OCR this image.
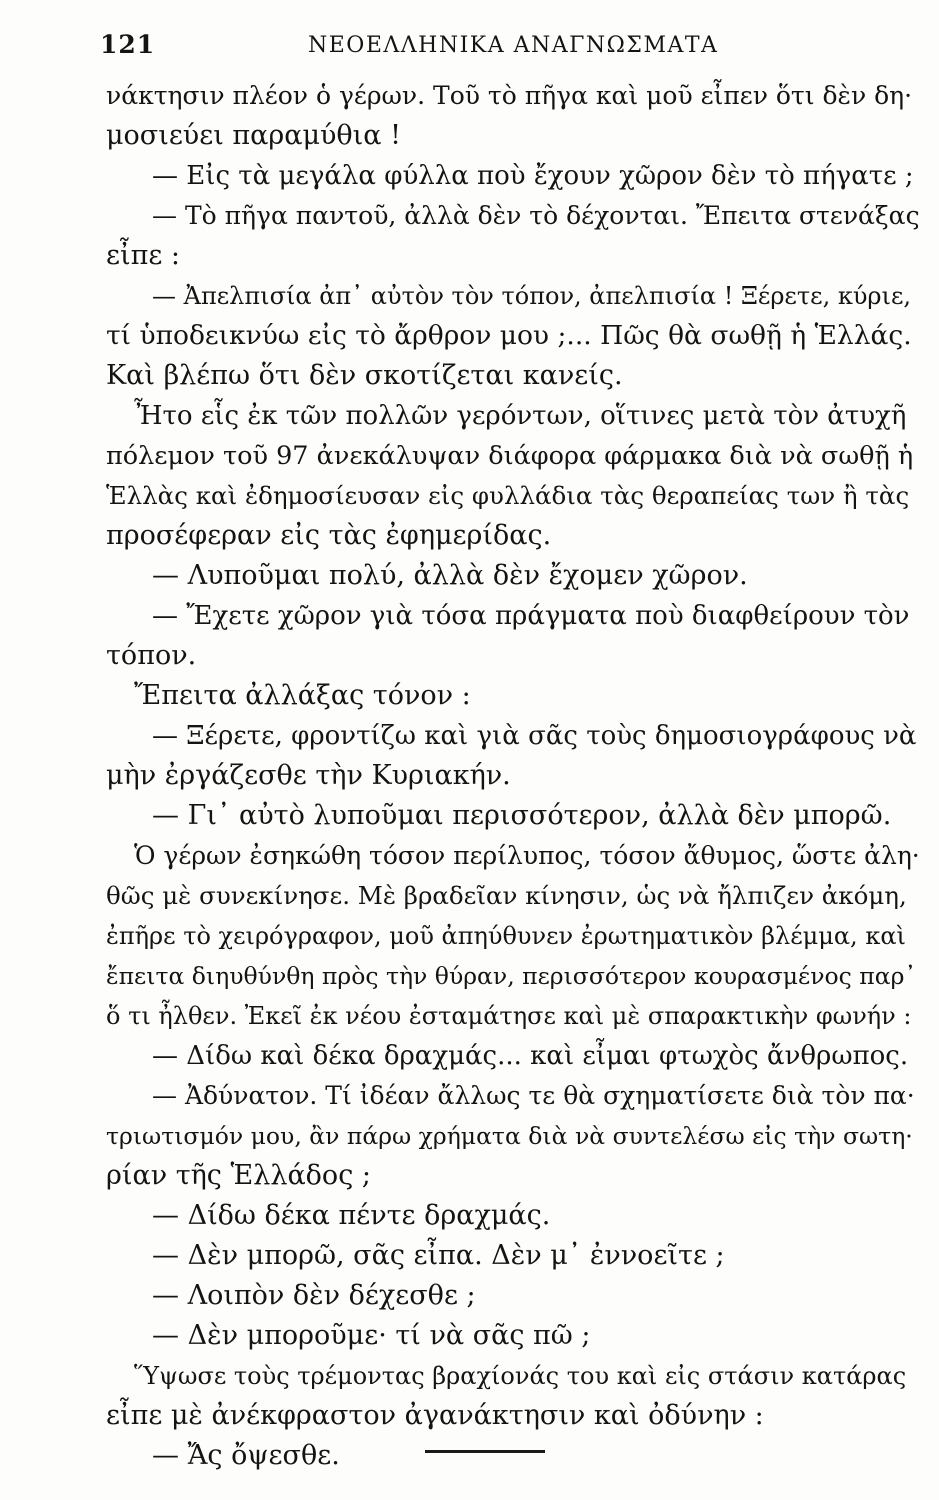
121	ΝΕΟΕΛΛΗΝΙΚΑ ΑΝΑΓΝΩΣΜΑΤΑ
νάκτησιν πλέον ὁ γέρων. Τοῦ τὸ πῆγα καὶ μοῦ εἶπεν ὅτι δὲν δη·
μοσιεύει παραμύθια !
— Εἰς τὰ μεγάλα φύλλα ποὺ ἔχουν χῶρον δὲν τὸ πήγατε ;
— Τὸ πῆγα παντοῦ, ἀλλὰ δὲν τὸ δέχονται. Ἔπειτα στενάξας
εἶπε :
— Ἀπελπισία ἀπ᾽ αὐτὸν τὸν τόπον, ἀπελπισία ! Ξέρετε, κύριε,
τί ὑποδεικνύω εἰς τὸ ἄρθρον μου ;... Πῶς θὰ σωθῇ ἡ Ἑλλάς.
Καὶ βλέπω ὅτι δὲν σκοτίζεται κανείς.
Ἦτο εἷς ἐκ τῶν πολλῶν γερόντων, οἵτινες μετὰ τὸν ἀτυχῆ
πόλεμον τοῦ 97 ἀνεκάλυψαν διάφορα φάρμακα διὰ νὰ σωθῇ ἡ
Ἑλλὰς καὶ ἐδημοσίευσαν εἰς φυλλάδια τὰς θεραπείας των ἢ τὰς
προσέφεραν εἰς τὰς ἐφημερίδας.
— Λυποῦμαι πολύ, ἀλλὰ δὲν ἔχομεν χῶρον.
— Ἔχετε χῶρον γιὰ τόσα πράγματα ποὺ διαφθείρουν τὸν
τόπον.
Ἔπειτα ἀλλάξας τόνον :
— Ξέρετε, φροντίζω καὶ γιὰ σᾶς τοὺς δημοσιογράφους νὰ
μὴν ἐργάζεσθε τὴν Κυριακήν.
— Γι᾽ αὐτὸ λυποῦμαι περισσότερον, ἀλλὰ δὲν μπορῶ.
Ὁ γέρων ἐσηκώθη τόσον περίλυπος, τόσον ἄθυμος, ὥστε ἀλη·
θῶς μὲ συνεκίνησε. Μὲ βραδεῖαν κίνησιν, ὡς νὰ ἤλπιζεν ἀκόμη,
ἐπῆρε τὸ χειρόγραφον, μοῦ ἀπηύθυνεν ἐρωτηματικὸν βλέμμα, καὶ
ἔπειτα διηυθύνθη πρὸς τὴν θύραν, περισσότερον κουρασμένος παρ᾽
ὅ τι ἦλθεν. Ἐκεῖ ἐκ νέου ἐσταμάτησε καὶ μὲ σπαρακτικὴν φωνήν :
— Δίδω καὶ δέκα δραχμάς... καὶ εἶμαι φτωχὸς ἄνθρωπος.
— Ἀδύνατον. Τί ἰδέαν ἄλλως τε θὰ σχηματίσετε διὰ τὸν πα·
τριωτισμόν μου, ἂν πάρω χρήματα διὰ νὰ συντελέσω εἰς τὴν σωτη·
ρίαν τῆς Ἑλλάδος ;
— Δίδω δέκα πέντε δραχμάς.
— Δὲν μπορῶ, σᾶς εἶπα. Δὲν μ᾽ ἐννοεῖτε ;
— Λοιπὸν δὲν δέχεσθε ;
— Δὲν μποροῦμε· τί νὰ σᾶς πῶ ;
Ὕψωσε τοὺς τρέμοντας βραχίονάς του καὶ εἰς στάσιν κατάρας
εἶπε μὲ ἀνέκφραστον ἀγανάκτησιν καὶ ὀδύνην :
— Ἄς ὄψεσθε.
